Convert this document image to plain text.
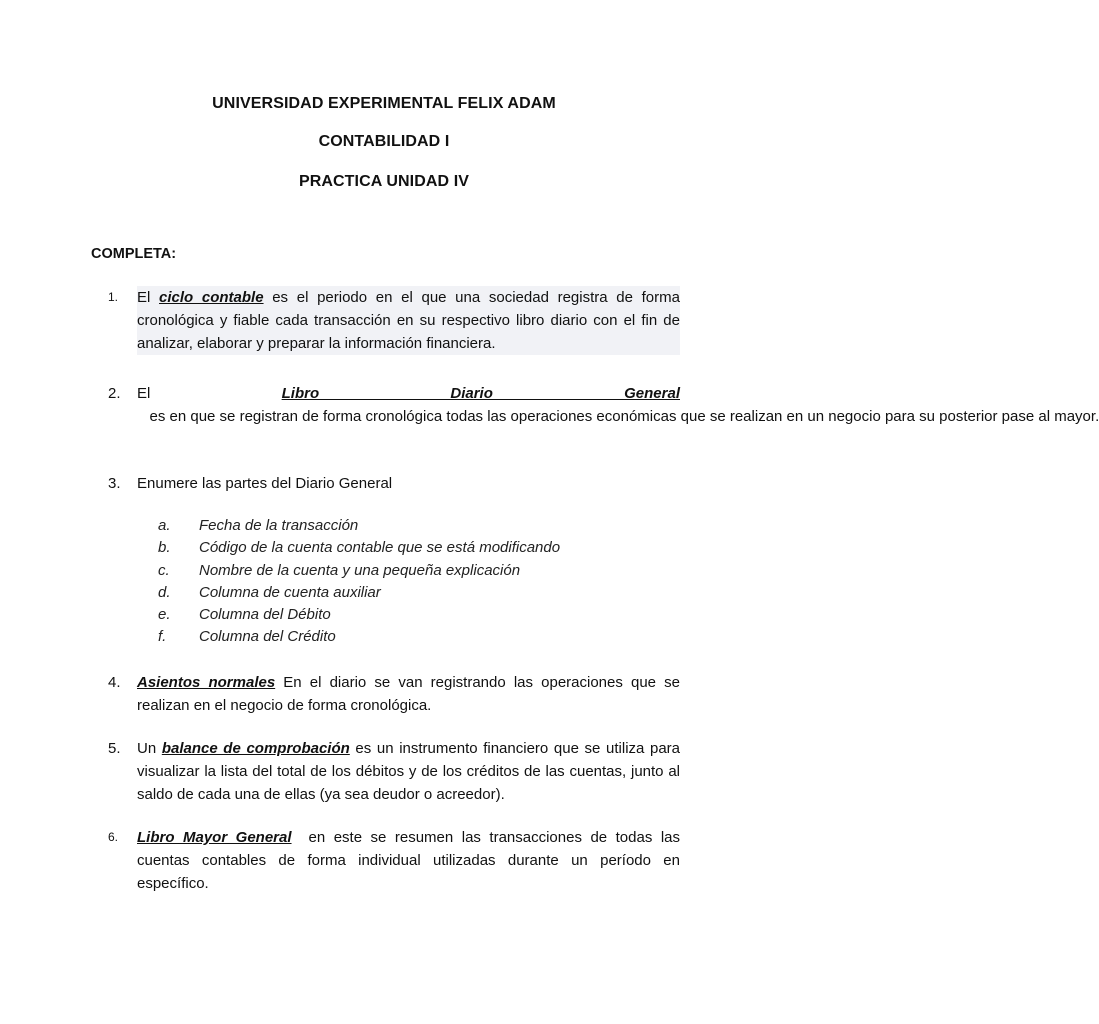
UNIVERSIDAD EXPERIMENTAL FELIX ADAM
CONTABILIDAD I
PRACTICA UNIDAD IV
COMPLETA:
1.	El ciclo contable es el periodo en el que una sociedad registra de forma cronológica y fiable cada transacción en su respectivo libro diario con el fin de analizar, elaborar y preparar la información financiera.
2.	El Libro Diario General   es en que se registran de forma cronológica todas las operaciones económicas que se realizan en un negocio para su posterior pase al mayor.
3.	Enumere las partes del Diario General
a. Fecha de la transacción
b. Código de la cuenta contable que se está modificando
c. Nombre de la cuenta y una pequeña explicación
d. Columna de cuenta auxiliar
e. Columna del Débito
f. Columna del Crédito
4.	Asientos normales En el diario se van registrando las operaciones que se realizan en el negocio de forma cronológica.
5.	Un balance de comprobación es un instrumento financiero que se utiliza para visualizar la lista del total de los débitos y de los créditos de las cuentas, junto al saldo de cada una de ellas (ya sea deudor o acreedor).
6.	Libro Mayor General  en este se resumen las transacciones de todas las cuentas contables de forma individual utilizadas durante un período en específico.
